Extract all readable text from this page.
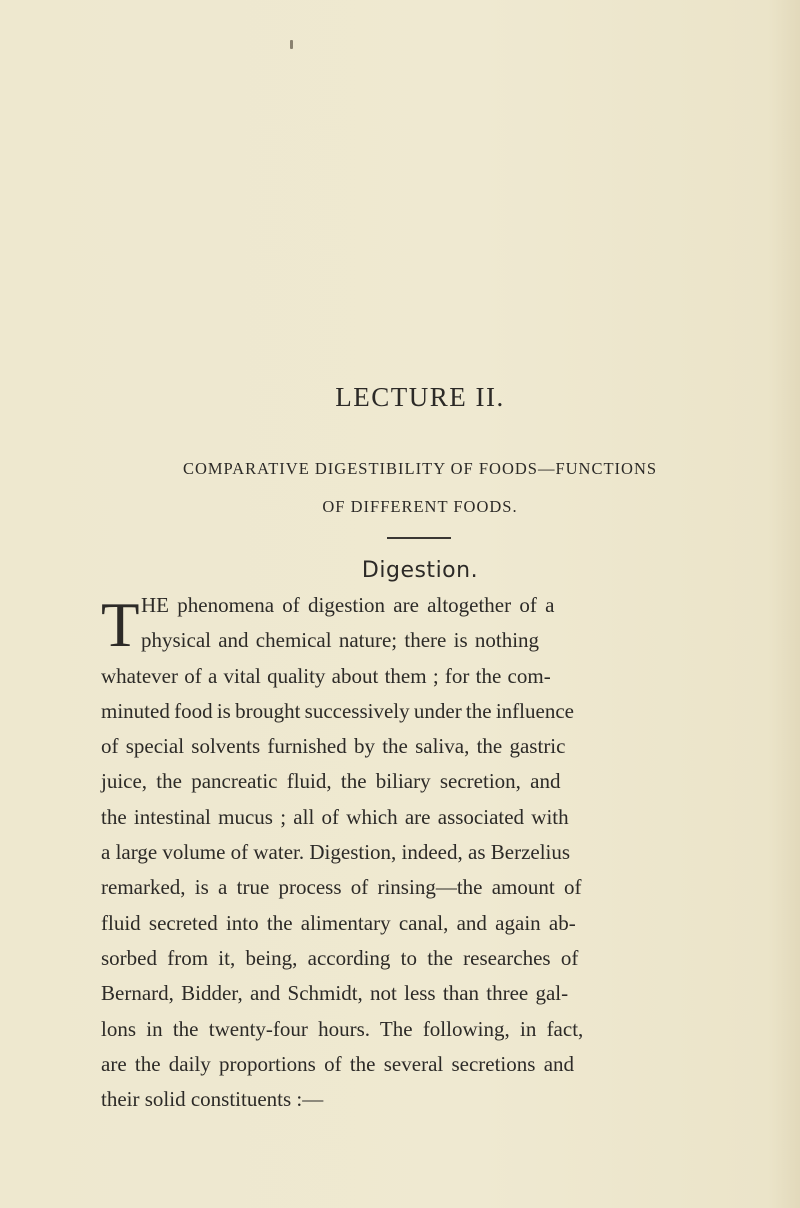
LECTURE II.
COMPARATIVE DIGESTIBILITY OF FOODS—FUNCTIONS
OF DIFFERENT FOODS.
Digestion.
T HE phenomena of digestion are altogether of a
physical and chemical nature; there is nothing
whatever of a vital quality about them ; for the com-
minuted food is brought successively under the influence
of special solvents furnished by the saliva, the gastric
juice, the pancreatic fluid, the biliary secretion, and
the intestinal mucus ; all of which are associated with
a large volume of water. Digestion, indeed, as Berzelius
remarked, is a true process of rinsing—the amount of
fluid secreted into the alimentary canal, and again ab-
sorbed from it, being, according to the researches of
Bernard, Bidder, and Schmidt, not less than three gal-
lons in the twenty-four hours. The following, in fact,
are the daily proportions of the several secretions and
their solid constituents :—
